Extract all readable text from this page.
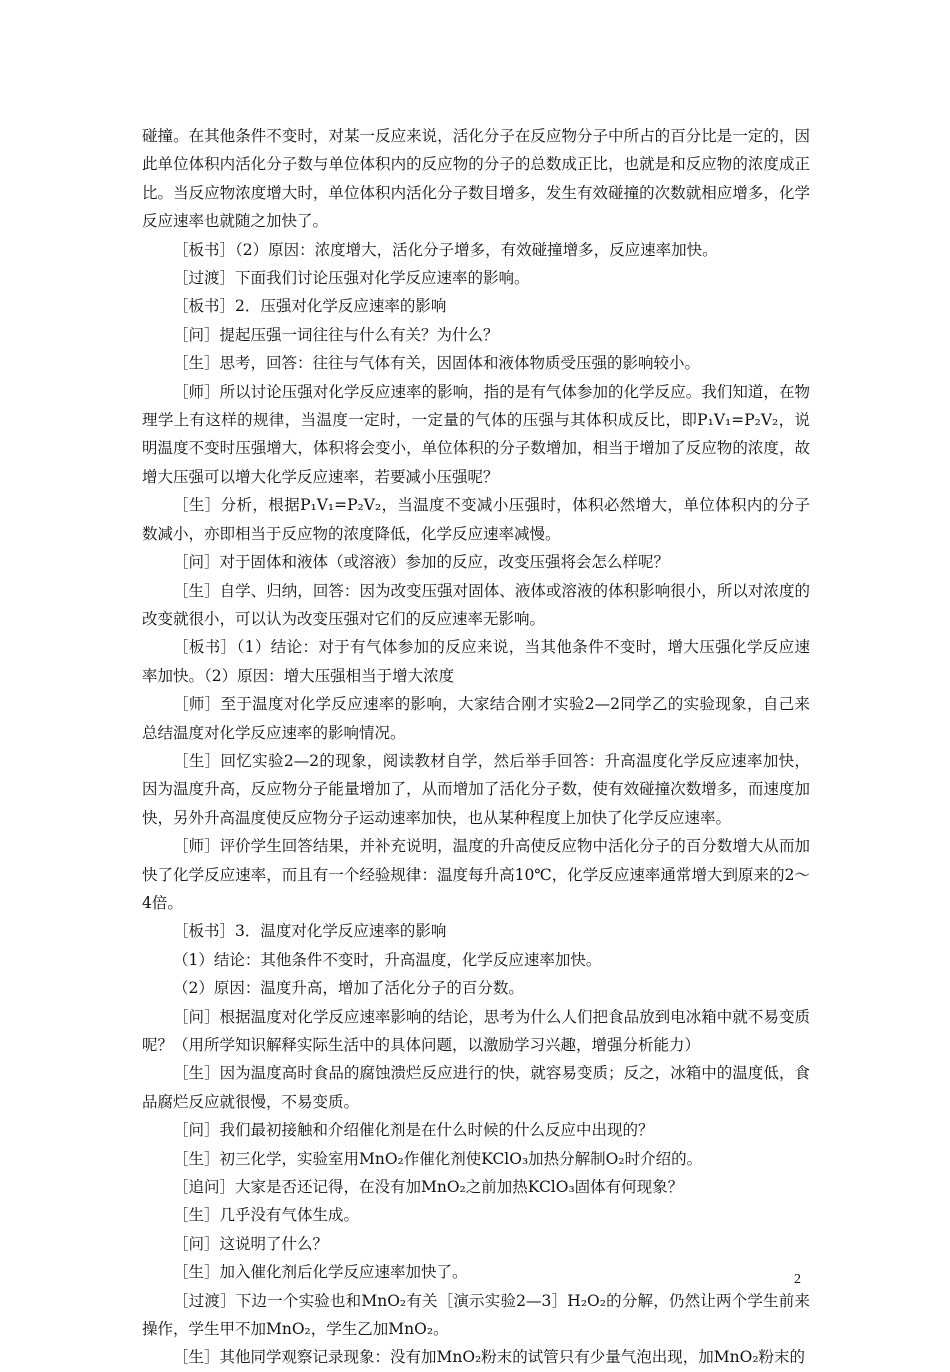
碰撞。在其他条件不变时，对某一反应来说，活化分子在反应物分子中所占的百分比是一定的，因此单位体积内活化分子数与单位体积内的反应物的分子的总数成正比，也就是和反应物的浓度成正比。当反应物浓度增大时，单位体积内活化分子数目增多，发生有效碰撞的次数就相应增多，化学反应速率也就随之加快了。

［板书］（2）原因：浓度增大，活化分子增多，有效碰撞增多，反应速率加快。

［过渡］下面我们讨论压强对化学反应速率的影响。

［板书］2．压强对化学反应速率的影响

［问］提起压强一词往往与什么有关？为什么？

［生］思考，回答：往往与气体有关，因固体和液体物质受压强的影响较小。

［师］所以讨论压强对化学反应速率的影响，指的是有气体参加的化学反应。我们知道，在物理学上有这样的规律，当温度一定时，一定量的气体的压强与其体积成反比，即P₁V₁=P₂V₂，说明温度不变时压强增大，体积将会变小，单位体积的分子数增加，相当于增加了反应物的浓度，故增大压强可以增大化学反应速率，若要减小压强呢？

［生］分析，根据P₁V₁=P₂V₂，当温度不变减小压强时，体积必然增大，单位体积内的分子数减小，亦即相当于反应物的浓度降低，化学反应速率减慢。

［问］对于固体和液体（或溶液）参加的反应，改变压强将会怎么样呢？

［生］自学、归纳，回答：因为改变压强对固体、液体或溶液的体积影响很小，所以对浓度的改变就很小，可以认为改变压强对它们的反应速率无影响。

［板书］（1）结论：对于有气体参加的反应来说，当其他条件不变时，增大压强化学反应速率加快。（2）原因：增大压强相当于增大浓度

［师］至于温度对化学反应速率的影响，大家结合刚才实验2—2同学乙的实验现象，自己来总结温度对化学反应速率的影响情况。

［生］回忆实验2—2的现象，阅读教材自学，然后举手回答：升高温度化学反应速率加快，因为温度升高，反应物分子能量增加了，从而增加了活化分子数，使有效碰撞次数增多，而速度加快，另外升高温度使反应物分子运动速率加快，也从某种程度上加快了化学反应速率。

［师］评价学生回答结果，并补充说明，温度的升高使反应物中活化分子的百分数增大从而加快了化学反应速率，而且有一个经验规律：温度每升高10℃，化学反应速率通常增大到原来的2～4倍。

［板书］3．温度对化学反应速率的影响

（1）结论：其他条件不变时，升高温度，化学反应速率加快。

（2）原因：温度升高，增加了活化分子的百分数。

［问］根据温度对化学反应速率影响的结论，思考为什么人们把食品放到电冰箱中就不易变质呢？（用所学知识解释实际生活中的具体问题，以激励学习兴趣，增强分析能力）

［生］因为温度高时食品的腐蚀溃烂反应进行的快，就容易变质；反之，冰箱中的温度低，食品腐烂反应就很慢，不易变质。

［问］我们最初接触和介绍催化剂是在什么时候的什么反应中出现的？

［生］初三化学，实验室用MnO₂作催化剂使KClO₃加热分解制O₂时介绍的。

［追问］大家是否还记得，在没有加MnO₂之前加热KClO₃固体有何现象？

［生］几乎没有气体生成。

［问］这说明了什么？

［生］加入催化剂后化学反应速率加快了。

［过渡］下边一个实验也和MnO₂有关［演示实验2—3］H₂O₂的分解，仍然让两个学生前来操作，学生甲不加MnO₂，学生乙加MnO₂。

［生］其他同学观察记录现象：没有加MnO₂粉末的试管只有少量气泡出现，加MnO₂粉末的

2
